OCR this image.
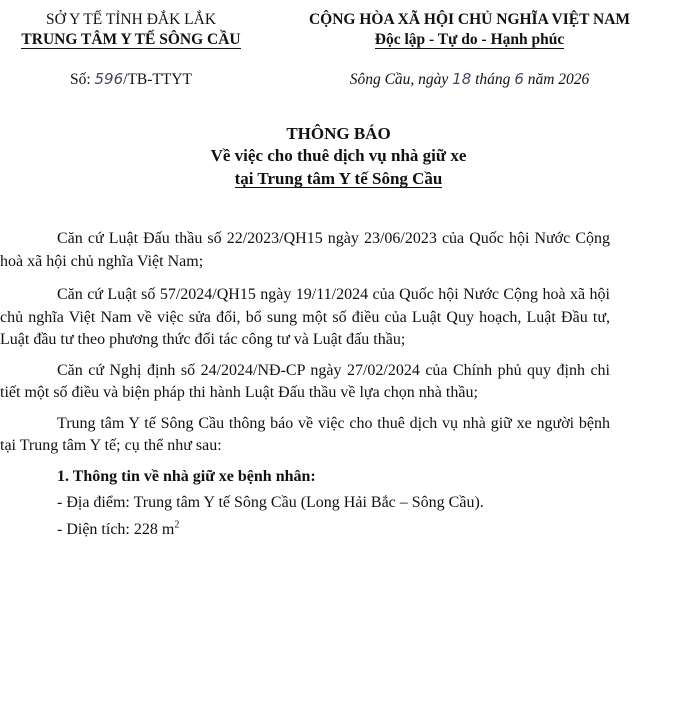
SỞ Y TẾ TỈNH ĐẮK LẮK
TRUNG TÂM Y TẾ SÔNG CẦU
CỘNG HÒA XÃ HỘI CHỦ NGHĨA VIỆT NAM
Độc lập - Tự do - Hạnh phúc
Số: 596/TB-TTYT	Sông Cầu, ngày 18 tháng 6 năm 2026
THÔNG BÁO
Về việc cho thuê dịch vụ nhà giữ xe
tại Trung tâm Y tế Sông Cầu

Căn cứ Luật Đấu thầu số 22/2023/QH15 ngày 23/06/2023 của Quốc hội Nước Cộng hoà xã hội chủ nghĩa Việt Nam;

Căn cứ Luật số 57/2024/QH15 ngày 19/11/2024 của Quốc hội Nước Cộng hoà xã hội chủ nghĩa Việt Nam về việc sửa đổi, bổ sung một số điều của Luật Quy hoạch, Luật Đầu tư, Luật đầu tư theo phương thức đối tác công tư và Luật đấu thầu;

Căn cứ Nghị định số 24/2024/NĐ-CP ngày 27/02/2024 của Chính phủ quy định chi tiết một số điều và biện pháp thi hành Luật Đấu thầu về lựa chọn nhà thầu;

Trung tâm Y tế Sông Cầu thông báo về việc cho thuê dịch vụ nhà giữ xe người bệnh tại Trung tâm Y tế; cụ thể như sau:

1. Thông tin về nhà giữ xe bệnh nhân:
- Địa điểm: Trung tâm Y tế Sông Cầu (Long Hải Bắc – Sông Cầu).
- Diện tích: 228 $m^2$
